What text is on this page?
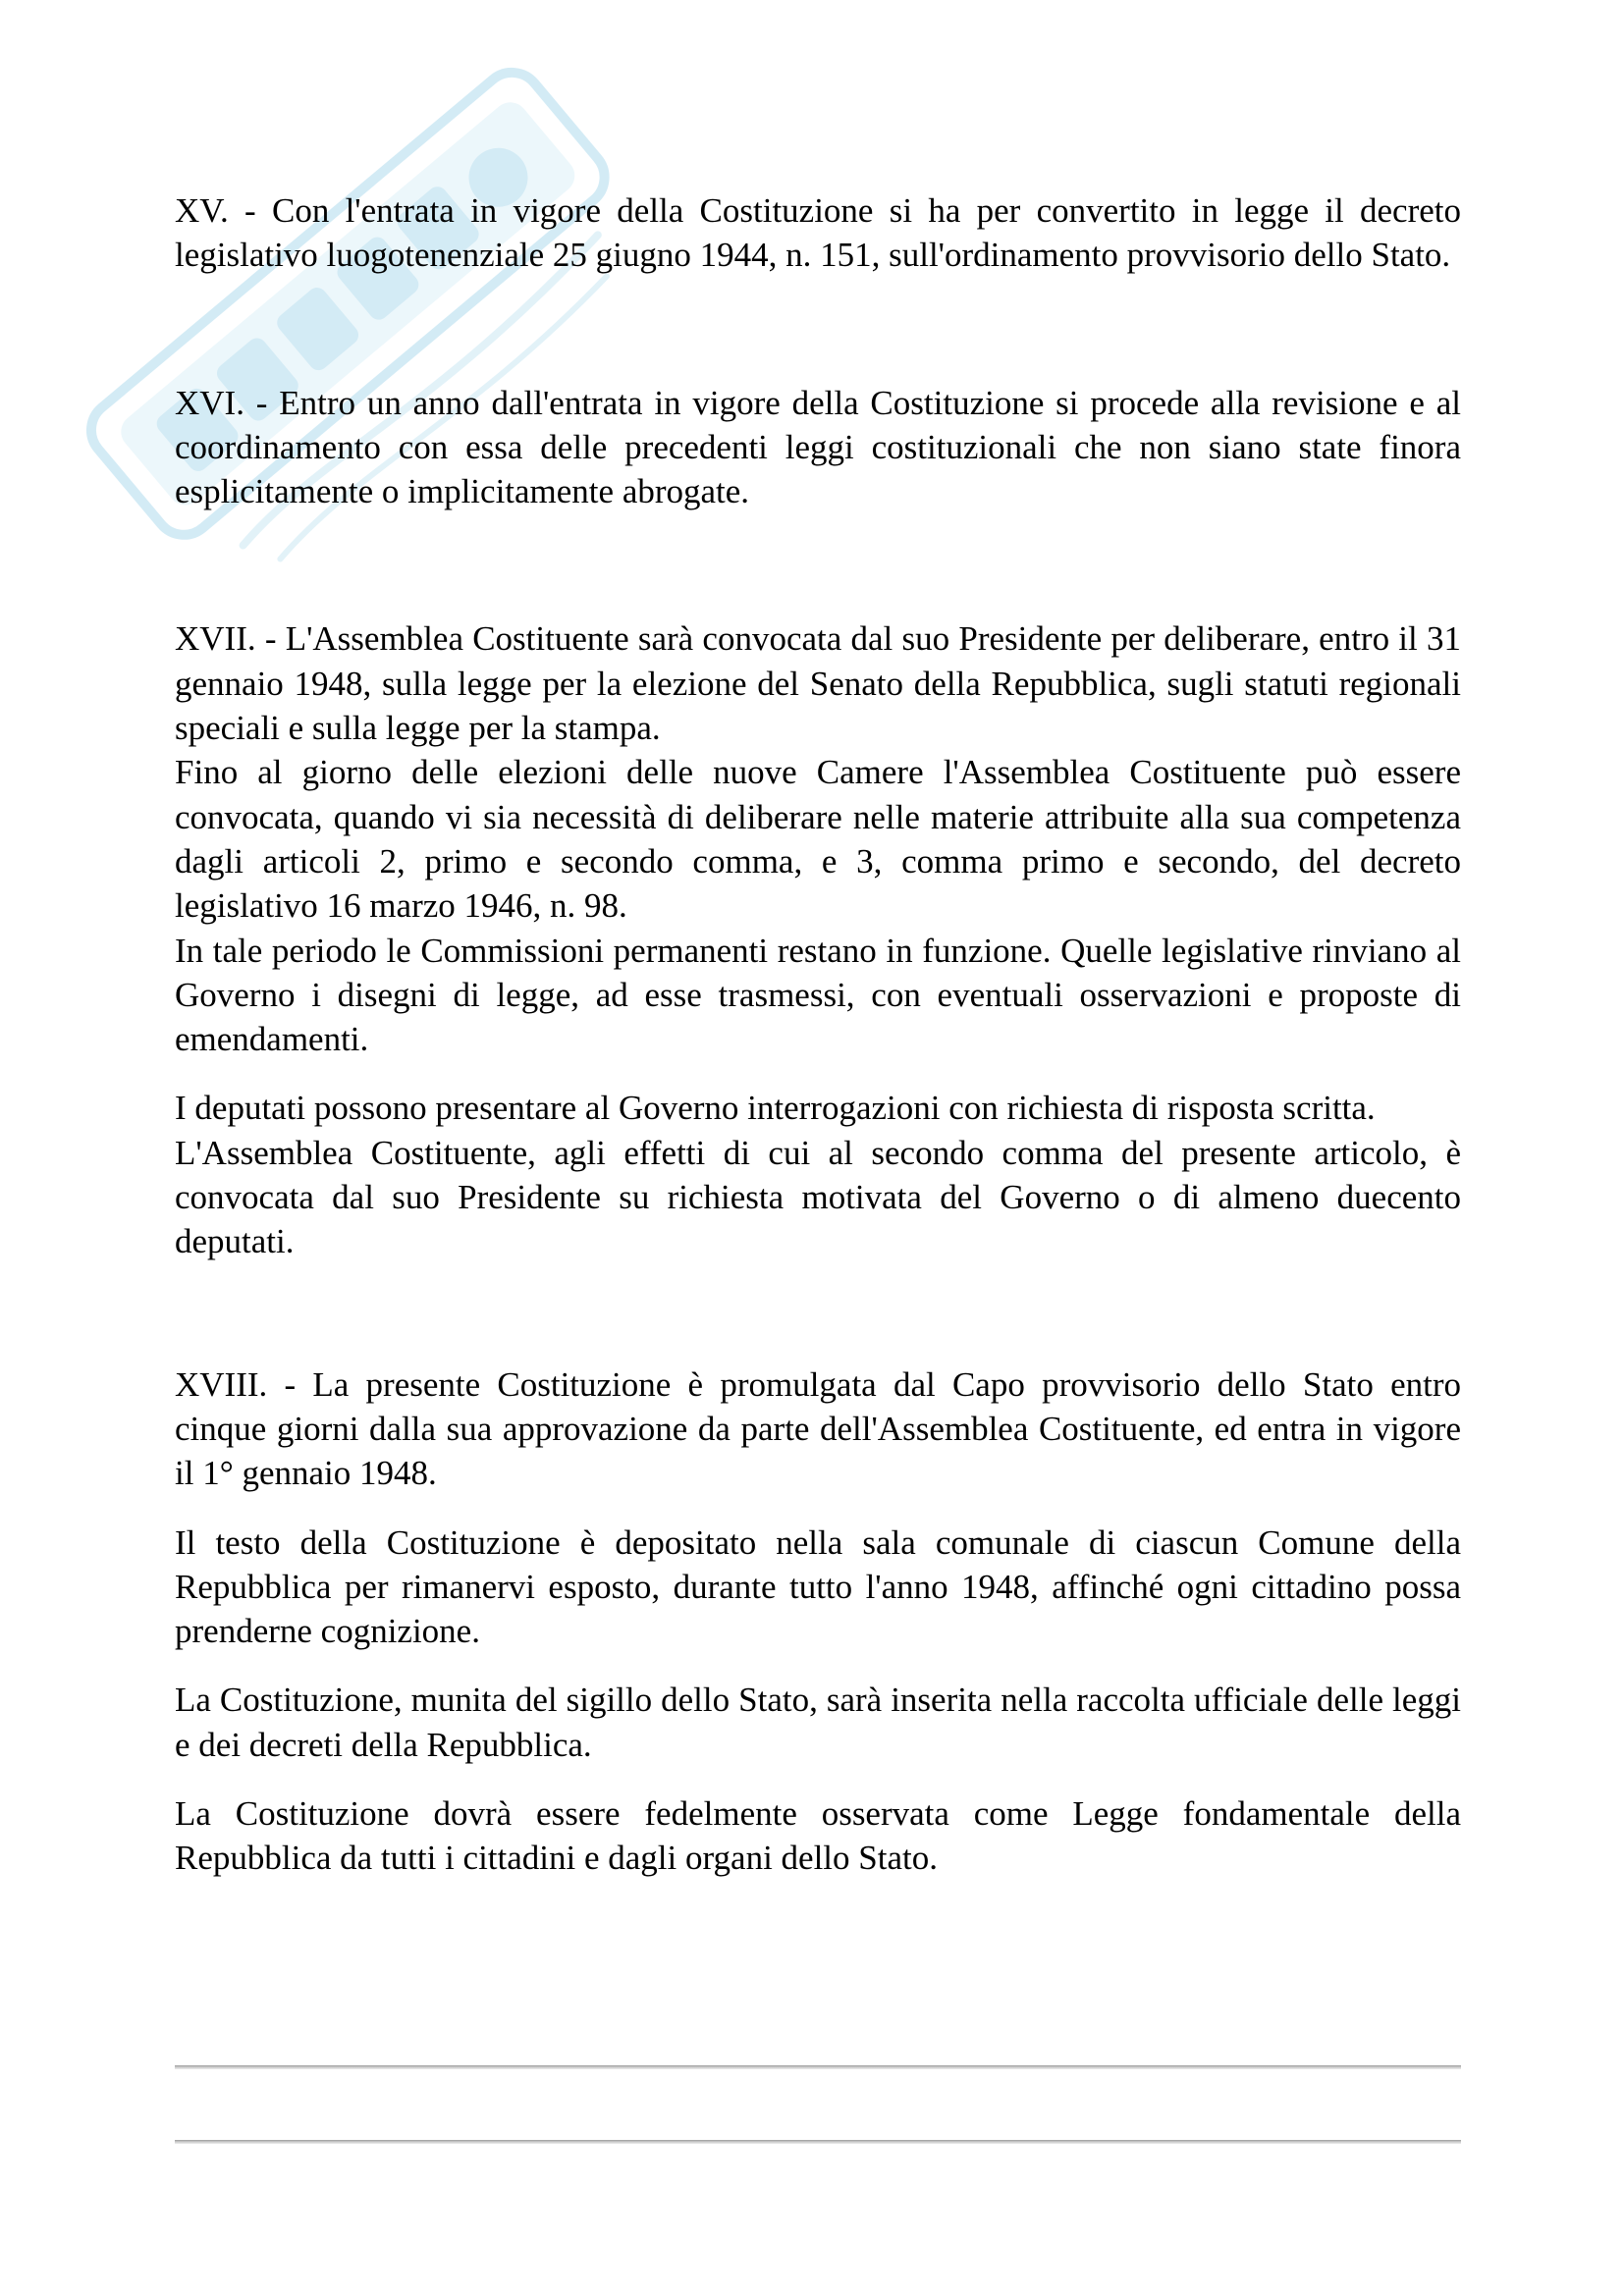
XV. - Con l'entrata in vigore della Costituzione si ha per convertito in legge il decreto legislativo luogotenenziale 25 giugno 1944, n. 151, sull'ordinamento provvisorio dello Stato.

XVI. - Entro un anno dall'entrata in vigore della Costituzione si procede alla revisione e al coordinamento con essa delle precedenti leggi costituzionali che non siano state finora esplicitamente o implicitamente abrogate.

XVII. - L'Assemblea Costituente sarà convocata dal suo Presidente per deliberare, entro il 31 gennaio 1948, sulla legge per la elezione del Senato della Repubblica, sugli statuti regionali speciali e sulla legge per la stampa.
Fino al giorno delle elezioni delle nuove Camere l'Assemblea Costituente può essere convocata, quando vi sia necessità di deliberare nelle materie attribuite alla sua competenza dagli articoli 2, primo e secondo comma, e 3, comma primo e secondo, del decreto legislativo 16 marzo 1946, n. 98.
In tale periodo le Commissioni permanenti restano in funzione. Quelle legislative rinviano al Governo i disegni di legge, ad esse trasmessi, con eventuali osservazioni e proposte di emendamenti.
I deputati possono presentare al Governo interrogazioni con richiesta di risposta scritta.
L'Assemblea Costituente, agli effetti di cui al secondo comma del presente articolo, è convocata dal suo Presidente su richiesta motivata del Governo o di almeno duecento deputati.

XVIII. - La presente Costituzione è promulgata dal Capo provvisorio dello Stato entro cinque giorni dalla sua approvazione da parte dell'Assemblea Costituente, ed entra in vigore il 1° gennaio 1948.

Il testo della Costituzione è depositato nella sala comunale di ciascun Comune della Repubblica per rimanervi esposto, durante tutto l'anno 1948, affinché ogni cittadino possa prenderne cognizione.

La Costituzione, munita del sigillo dello Stato, sarà inserita nella raccolta ufficiale delle leggi e dei decreti della Repubblica.

La Costituzione dovrà essere fedelmente osservata come Legge fondamentale della Repubblica da tutti i cittadini e dagli organi dello Stato.
